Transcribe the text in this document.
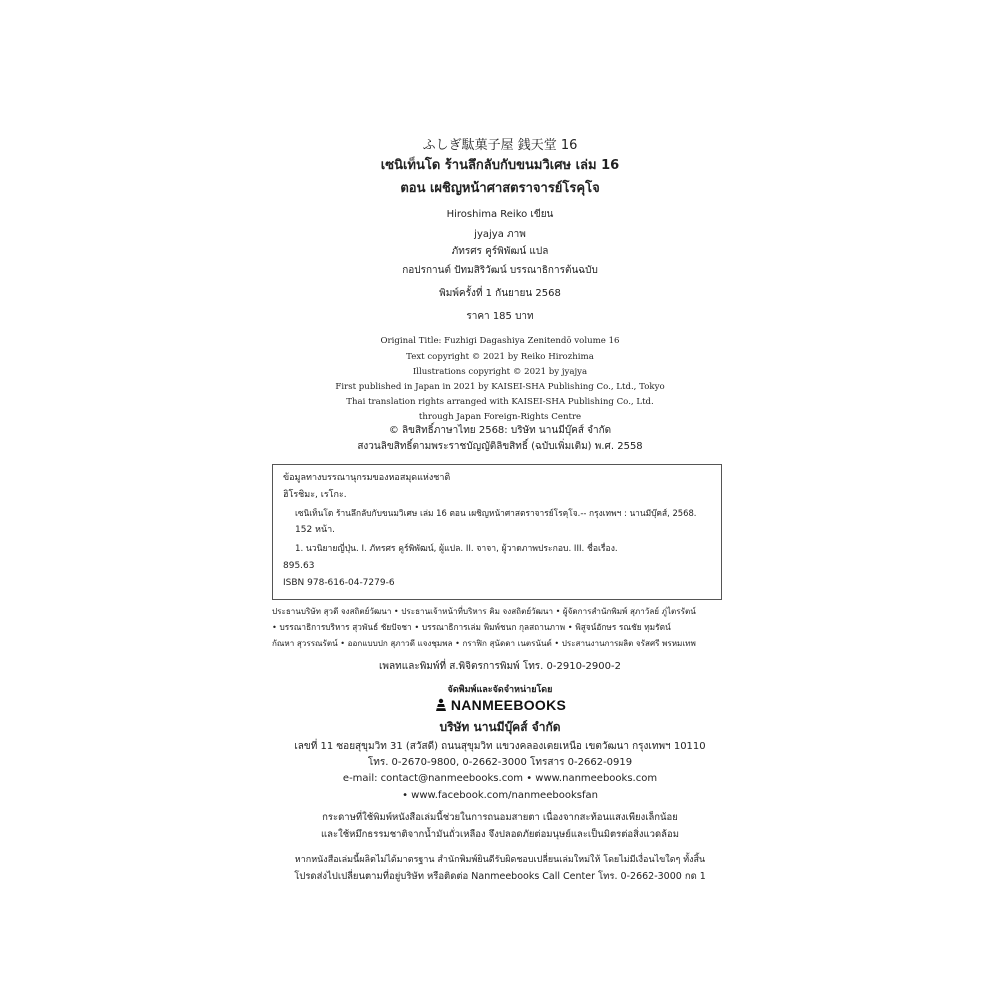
ふしぎ駄菓子屋 銭天堂 16
เซนิเท็นโด ร้านลึกลับกับขนมวิเศษ เล่ม 16
ตอน เผชิญหน้าศาสตราจารย์โรคุโจ
Hiroshima Reiko เขียน
jyajya ภาพ
ภัทรศร คูร์พิพัฒน์ แปล
กอปรกานต์ ปัทมสิริวัฒน์ บรรณาธิการต้นฉบับ
พิมพ์ครั้งที่ 1 กันยายน 2568
ราคา 185 บาท
Original Title: Fuzhigi Dagashiya Zenitendō volume 16
Text copyright © 2021 by Reiko Hirozhima
Illustrations copyright © 2021 by jyajya
First published in Japan in 2021 by KAISEI-SHA Publishing Co., Ltd., Tokyo
Thai translation rights arranged with KAISEI-SHA Publishing Co., Ltd.
through Japan Foreign-Rights Centre
© ลิขสิทธิ์ภาษาไทย 2568: บริษัท นานมีบุ๊คส์ จำกัด
สงวนลิขสิทธิ์ตามพระราชบัญญัติลิขสิทธิ์ (ฉบับเพิ่มเติม) พ.ศ. 2558
ข้อมูลทางบรรณานุกรมของหอสมุดแห่งชาติ
ฮิโรชิมะ, เรโกะ.
เซนิเท็นโด ร้านลึกลับกับขนมวิเศษ เล่ม 16 ตอน เผชิญหน้าศาสตราจารย์โรคุโจ.-- กรุงเทพฯ : นานมีบุ๊คส์, 2568.
152 หน้า.
1. นวนิยายญี่ปุ่น. I. ภัทรศร คูร์พิพัฒน์, ผู้แปล. II. จาจา, ผู้วาดภาพประกอบ. III. ชื่อเรื่อง.
895.63
ISBN 978-616-04-7279-6
ประธานบริษัท สุวดี จงสถิตย์วัฒนา • ประธานเจ้าหน้าที่บริหาร คิม จงสถิตย์วัฒนา • ผู้จัดการสำนักพิมพ์ สุภาวัลย์ ภู่ไตรรัตน์
• บรรณาธิการบริหาร สุวพันธ์ ชัยปัจชา • บรรณาธิการเล่ม พิมพ์ชนก กุลสถานภาพ • พิสูจน์อักษร รณชัย ทุมรัตน์
กัณหา สุวรรณรัตน์ • ออกแบบปก สุภาวดี แจงชุมพล • กราฟิก สุนัดดา เนตรนันต์ • ประสานงานการผลิต จรัสศรี พรหมเทพ
เพลทและพิมพ์ที่ ส.พิจิตรการพิมพ์ โทร. 0-2910-2900-2
จัดพิมพ์และจัดจำหน่ายโดย
NANMEEBOOKS
บริษัท นานมีบุ๊คส์ จำกัด
เลขที่ 11 ซอยสุขุมวิท 31 (สวัสดี) ถนนสุขุมวิท แขวงคลองเตยเหนือ เขตวัฒนา กรุงเทพฯ 10110
โทร. 0-2670-9800, 0-2662-3000 โทรสาร 0-2662-0919
e-mail: contact@nanmeebooks.com • www.nanmeebooks.com
• www.facebook.com/nanmeebooksfan
กระดาษที่ใช้พิมพ์หนังสือเล่มนี้ช่วยในการถนอมสายตา เนื่องจากสะท้อนแสงเพียงเล็กน้อย
และใช้หมึกธรรมชาติจากน้ำมันถั่วเหลือง จึงปลอดภัยต่อมนุษย์และเป็นมิตรต่อสิ่งแวดล้อม
หากหนังสือเล่มนี้ผลิตไม่ได้มาตรฐาน สำนักพิมพ์ยินดีรับผิดชอบเปลี่ยนเล่มใหม่ให้ โดยไม่มีเงื่อนไขใดๆ ทั้งสิ้น
โปรดส่งไปเปลี่ยนตามที่อยู่บริษัท หรือติดต่อ Nanmeebooks Call Center โทร. 0-2662-3000 กด 1
